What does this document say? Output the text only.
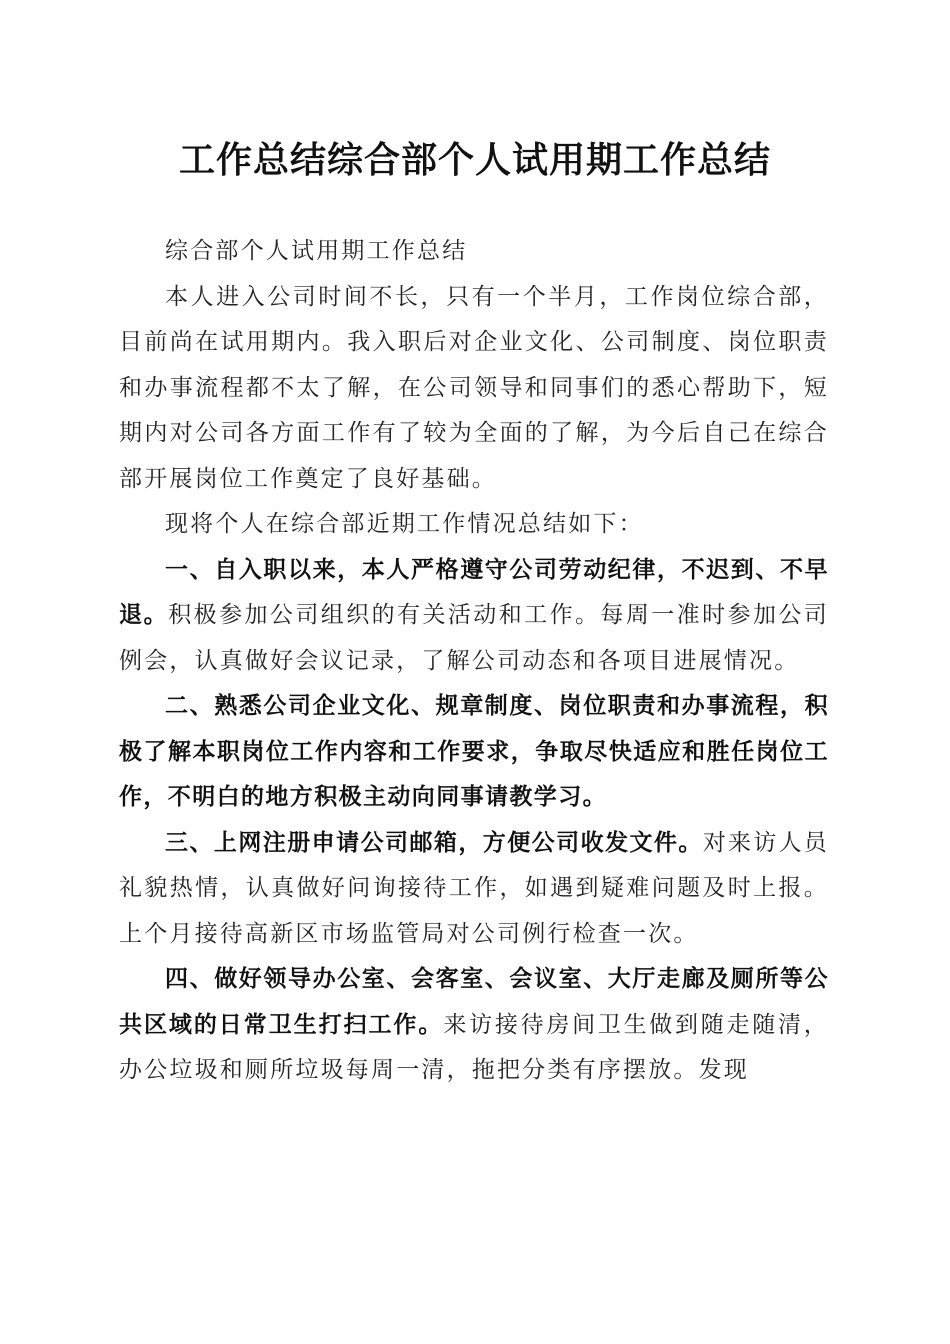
工作总结综合部个人试用期工作总结

综合部个人试用期工作总结

本人进入公司时间不长，只有一个半月，工作岗位综合部，目前尚在试用期内。我入职后对企业文化、公司制度、岗位职责和办事流程都不太了解，在公司领导和同事们的悉心帮助下，短期内对公司各方面工作有了较为全面的了解，为今后自己在综合部开展岗位工作奠定了良好基础。

现将个人在综合部近期工作情况总结如下：

一、自入职以来，本人严格遵守公司劳动纪律，不迟到、不早退。积极参加公司组织的有关活动和工作。每周一准时参加公司例会，认真做好会议记录，了解公司动态和各项目进展情况。

二、熟悉公司企业文化、规章制度、岗位职责和办事流程，积极了解本职岗位工作内容和工作要求，争取尽快适应和胜任岗位工作，不明白的地方积极主动向同事请教学习。

三、上网注册申请公司邮箱，方便公司收发文件。对来访人员礼貌热情，认真做好问询接待工作，如遇到疑难问题及时上报。上个月接待高新区市场监管局对公司例行检查一次。

四、做好领导办公室、会客室、会议室、大厅走廊及厕所等公共区域的日常卫生打扫工作。来访接待房间卫生做到随走随清，办公垃圾和厕所垃圾每周一清，拖把分类有序摆放。发现
